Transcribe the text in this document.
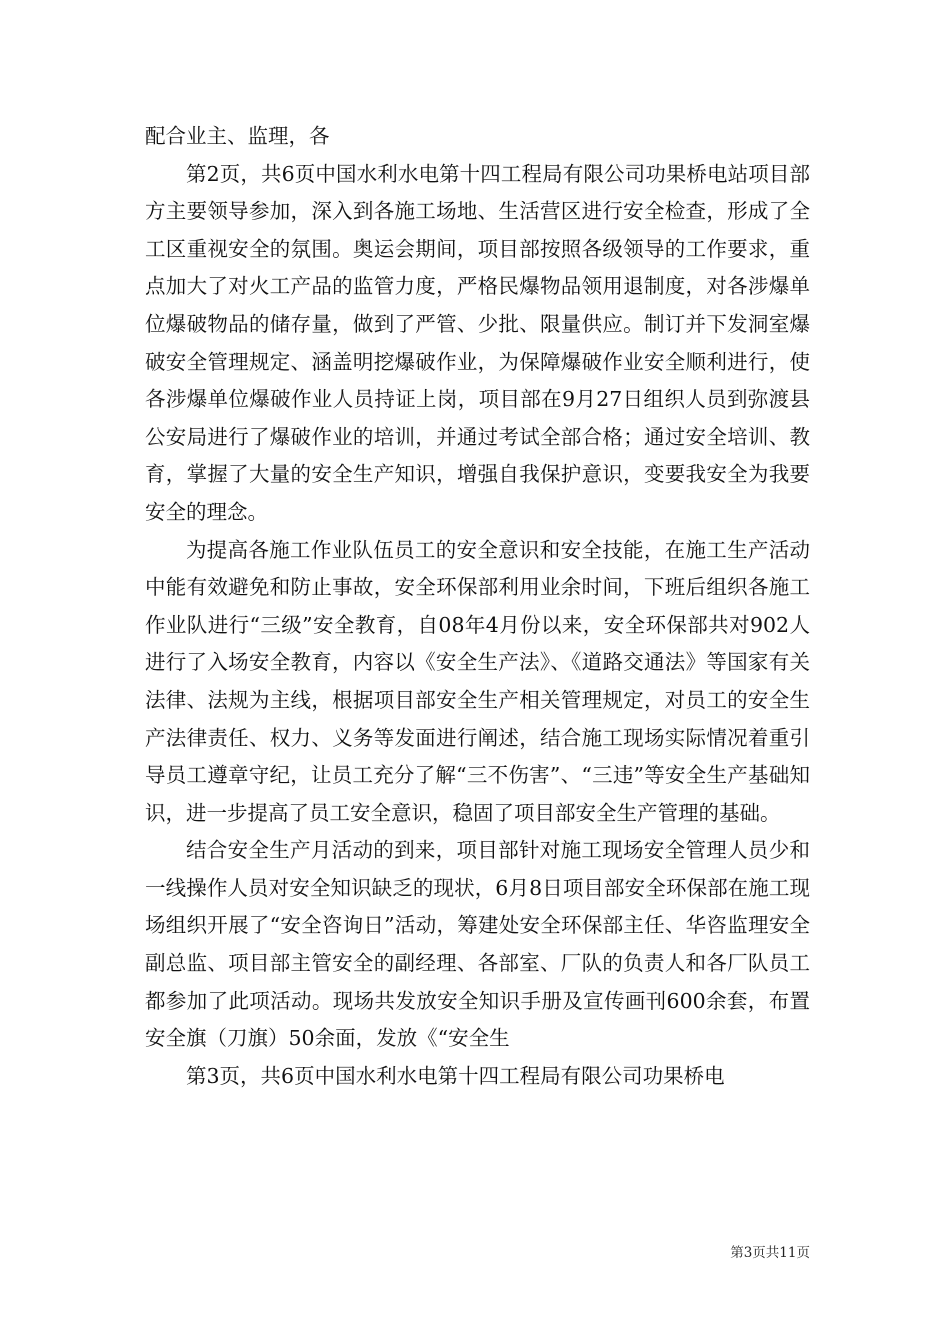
配合业主、监理，各

第2页，共6页中国水利水电第十四工程局有限公司功果桥电站项目部方主要领导参加，深入到各施工场地、生活营区进行安全检查，形成了全工区重视安全的氛围。奥运会期间，项目部按照各级领导的工作要求，重点加大了对火工产品的监管力度，严格民爆物品领用退制度，对各涉爆单位爆破物品的储存量，做到了严管、少批、限量供应。制订并下发洞室爆破安全管理规定、涵盖明挖爆破作业，为保障爆破作业安全顺利进行，使各涉爆单位爆破作业人员持证上岗，项目部在9月27日组织人员到弥渡县公安局进行了爆破作业的培训，并通过考试全部合格；通过安全培训、教育，掌握了大量的安全生产知识，增强自我保护意识，变要我安全为我要安全的理念。

为提高各施工作业队伍员工的安全意识和安全技能，在施工生产活动中能有效避免和防止事故，安全环保部利用业余时间，下班后组织各施工作业队进行“三级”安全教育，自08年4月份以来，安全环保部共对902人进行了入场安全教育，内容以《安全生产法》、《道路交通法》等国家有关法律、法规为主线，根据项目部安全生产相关管理规定，对员工的安全生产法律责任、权力、义务等发面进行阐述，结合施工现场实际情况着重引导员工遵章守纪，让员工充分了解“三不伤害”、“三违”等安全生产基础知识，进一步提高了员工安全意识，稳固了项目部安全生产管理的基础。

结合安全生产月活动的到来，项目部针对施工现场安全管理人员少和一线操作人员对安全知识缺乏的现状，6月8日项目部安全环保部在施工现场组织开展了“安全咨询日”活动，筹建处安全环保部主任、华咨监理安全副总监、项目部主管安全的副经理、各部室、厂队的负责人和各厂队员工都参加了此项活动。现场共发放安全知识手册及宣传画刊600余套，布置安全旗（刀旗）50余面，发放《“安全生

第3页，共6页中国水利水电第十四工程局有限公司功果桥电

第3页共11页
